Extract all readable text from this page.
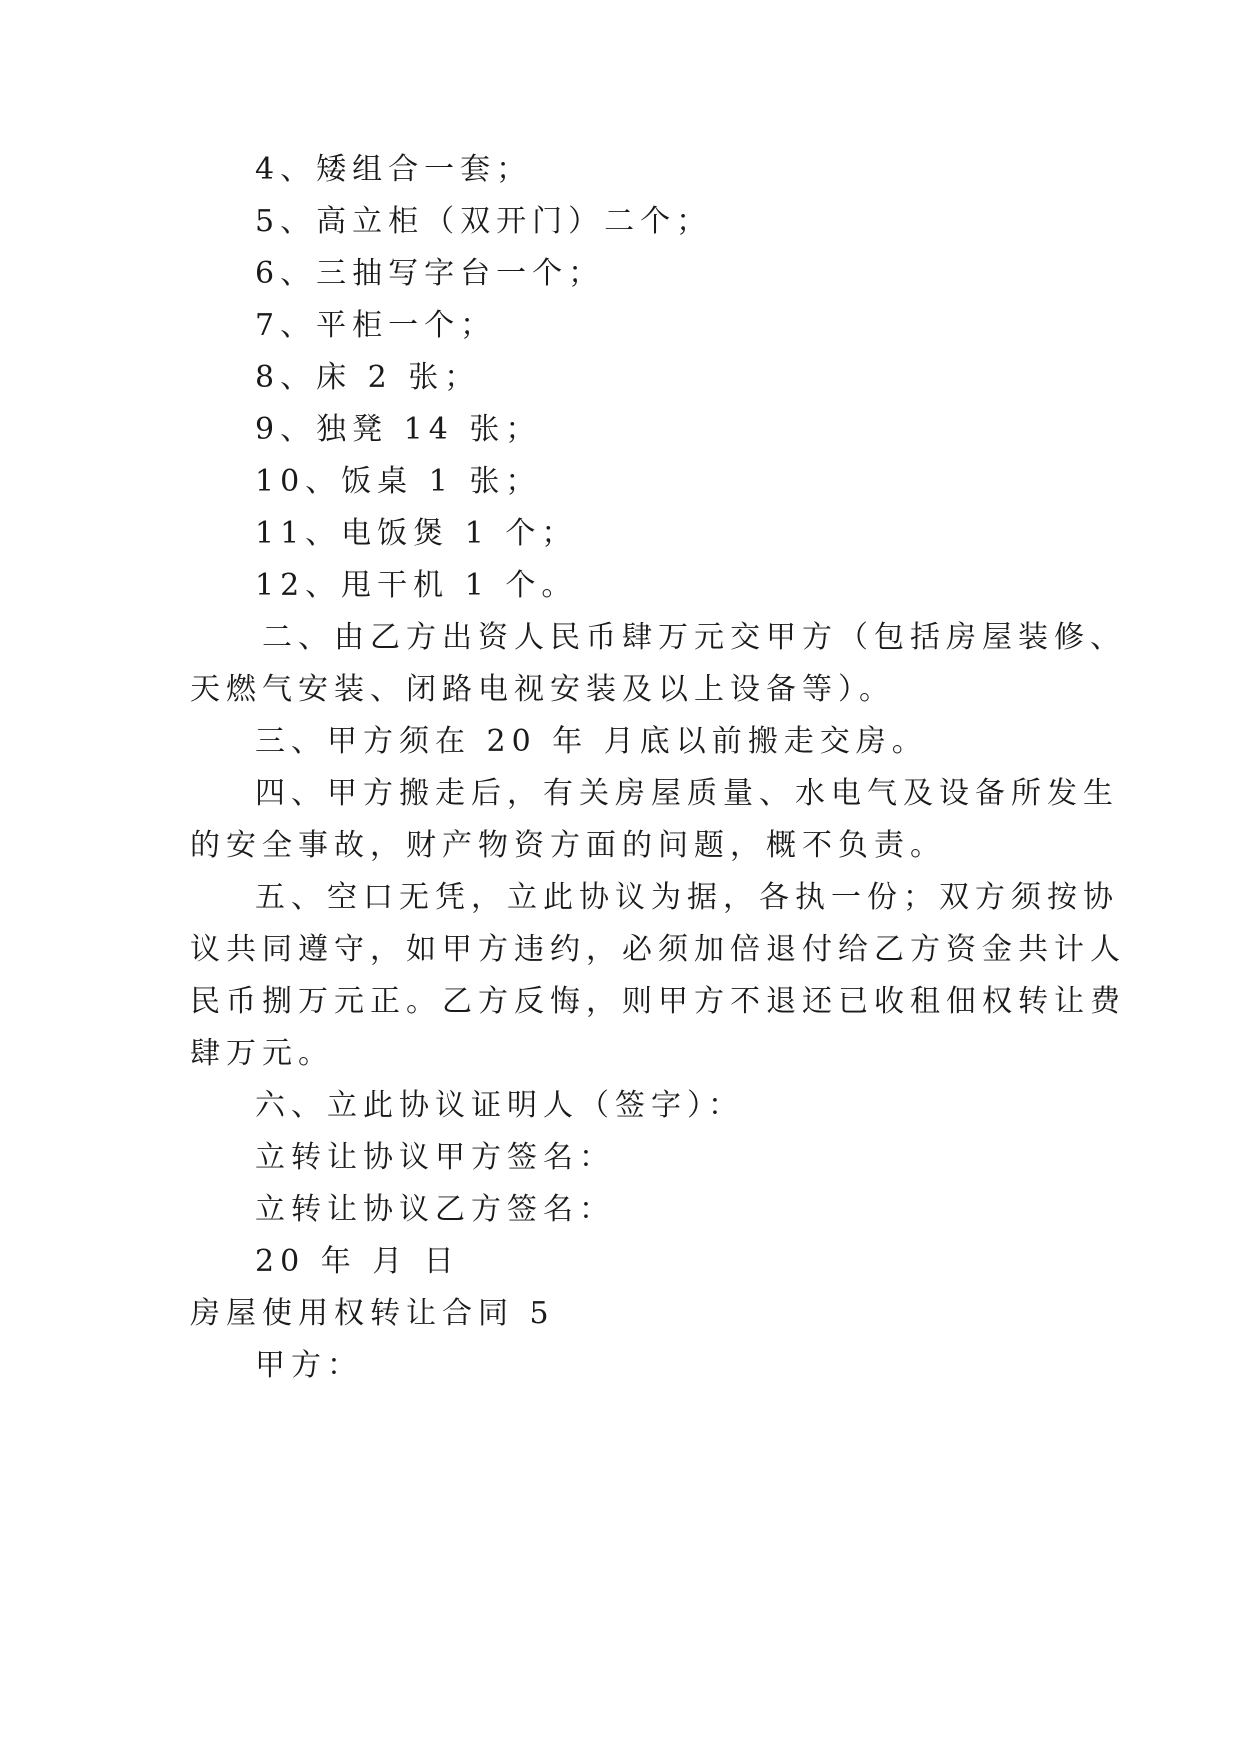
4、矮组合一套；
5、高立柜（双开门）二个；
6、三抽写字台一个；
7、平柜一个；
8、床 2 张；
9、独凳 14 张；
10、饭桌 1 张；
11、电饭煲 1 个；
12、甩干机 1 个。
二、由乙方出资人民币肆万元交甲方（包括房屋装修、
天燃气安装、闭路电视安装及以上设备等）。
三、甲方须在 20 年 月底以前搬走交房。
四、甲方搬走后，有关房屋质量、水电气及设备所发生
的安全事故，财产物资方面的问题，概不负责。
五、空口无凭，立此协议为据，各执一份；双方须按协
议共同遵守，如甲方违约，必须加倍退付给乙方资金共计人
民币捌万元正。乙方反悔，则甲方不退还已收租佃权转让费
肆万元。
六、立此协议证明人（签字）：
立转让协议甲方签名：
立转让协议乙方签名：
20 年 月 日
房屋使用权转让合同 5
甲方：
